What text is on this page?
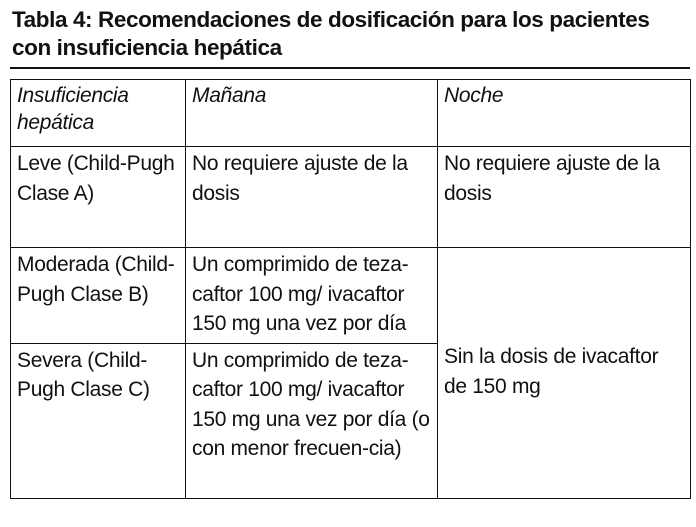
Tabla 4: Recomendaciones de dosificación para los pacientes con insuficiencia hepática
Insuficiencia hepática	Mañana	Noche
Leve (Child-Pugh Clase A)	No requiere ajuste de la dosis	No requiere ajuste de la dosis
Moderada (Child-Pugh Clase B)	Un comprimido de teza-caftor 100 mg/ ivacaftor 150 mg una vez por día	Sin la dosis de ivacaftor de 150 mg
Severa (Child-Pugh Clase C)	Un comprimido de teza-caftor 100 mg/ ivacaftor 150 mg una vez por día (o con menor frecuen-cia)	
